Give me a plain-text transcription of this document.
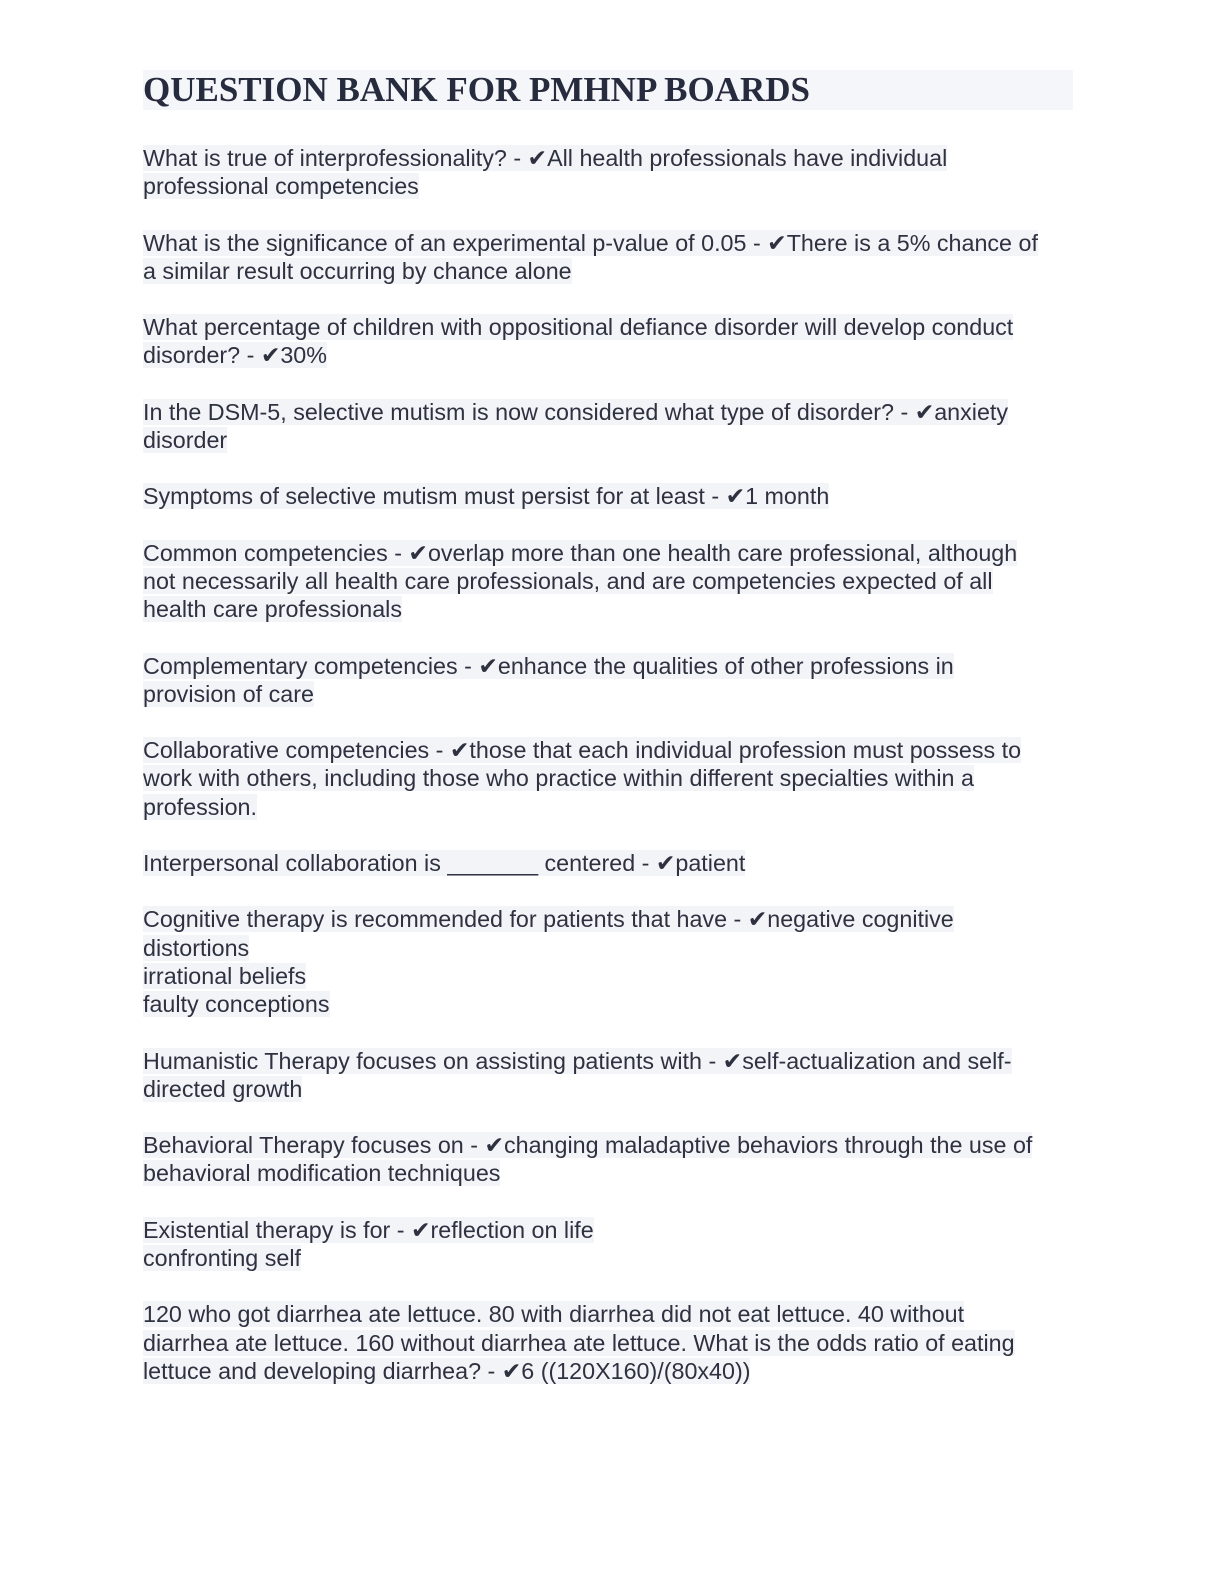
QUESTION BANK FOR PMHNP BOARDS
What is true of interprofessionality? - ✔All health professionals have individual
professional competencies
What is the significance of an experimental p-value of 0.05 - ✔There is a 5% chance of
a similar result occurring by chance alone
What percentage of children with oppositional defiance disorder will develop conduct
disorder? - ✔30%
In the DSM-5, selective mutism is now considered what type of disorder? - ✔anxiety
disorder
Symptoms of selective mutism must persist for at least - ✔1 month
Common competencies - ✔overlap more than one health care professional, although
not necessarily all health care professionals, and are competencies expected of all
health care professionals
Complementary competencies - ✔enhance the qualities of other professions in
provision of care
Collaborative competencies - ✔those that each individual profession must possess to
work with others, including those who practice within different specialties within a
profession.
Interpersonal collaboration is _______ centered - ✔patient
Cognitive therapy is recommended for patients that have - ✔negative cognitive
distortions
irrational beliefs
faulty conceptions
Humanistic Therapy focuses on assisting patients with - ✔self-actualization and self-
directed growth
Behavioral Therapy focuses on - ✔changing maladaptive behaviors through the use of
behavioral modification techniques
Existential therapy is for - ✔reflection on life
confronting self
120 who got diarrhea ate lettuce. 80 with diarrhea did not eat lettuce. 40 without
diarrhea ate lettuce. 160 without diarrhea ate lettuce. What is the odds ratio of eating
lettuce and developing diarrhea? - ✔6 ((120X160)/(80x40))
